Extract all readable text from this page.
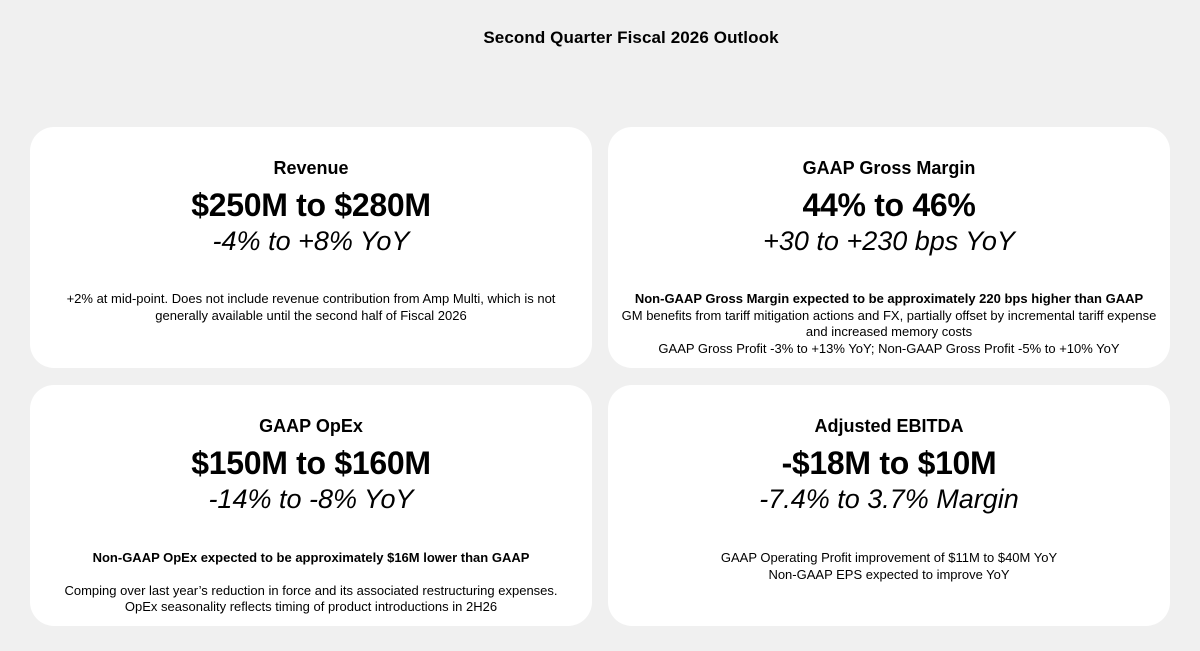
Second Quarter Fiscal 2026 Outlook
Revenue
$250M to $280M
-4% to +8% YoY
+2% at mid-point. Does not include revenue contribution from Amp Multi, which is not generally available until the second half of Fiscal 2026
GAAP Gross Margin
44% to 46%
+30 to +230 bps YoY
Non-GAAP Gross Margin expected to be approximately 220 bps higher than GAAP
GM benefits from tariff mitigation actions and FX, partially offset by incremental tariff expense and increased memory costs
GAAP Gross Profit -3% to +13% YoY; Non-GAAP Gross Profit -5% to +10% YoY
GAAP OpEx
$150M to $160M
-14% to -8% YoY
Non-GAAP OpEx expected to be approximately $16M lower than GAAP
Comping over last year’s reduction in force and its associated restructuring expenses. OpEx seasonality reflects timing of product introductions in 2H26
Adjusted EBITDA
-$18M to $10M
-7.4% to 3.7% Margin
GAAP Operating Profit improvement of $11M to $40M YoY
Non-GAAP EPS expected to improve YoY
